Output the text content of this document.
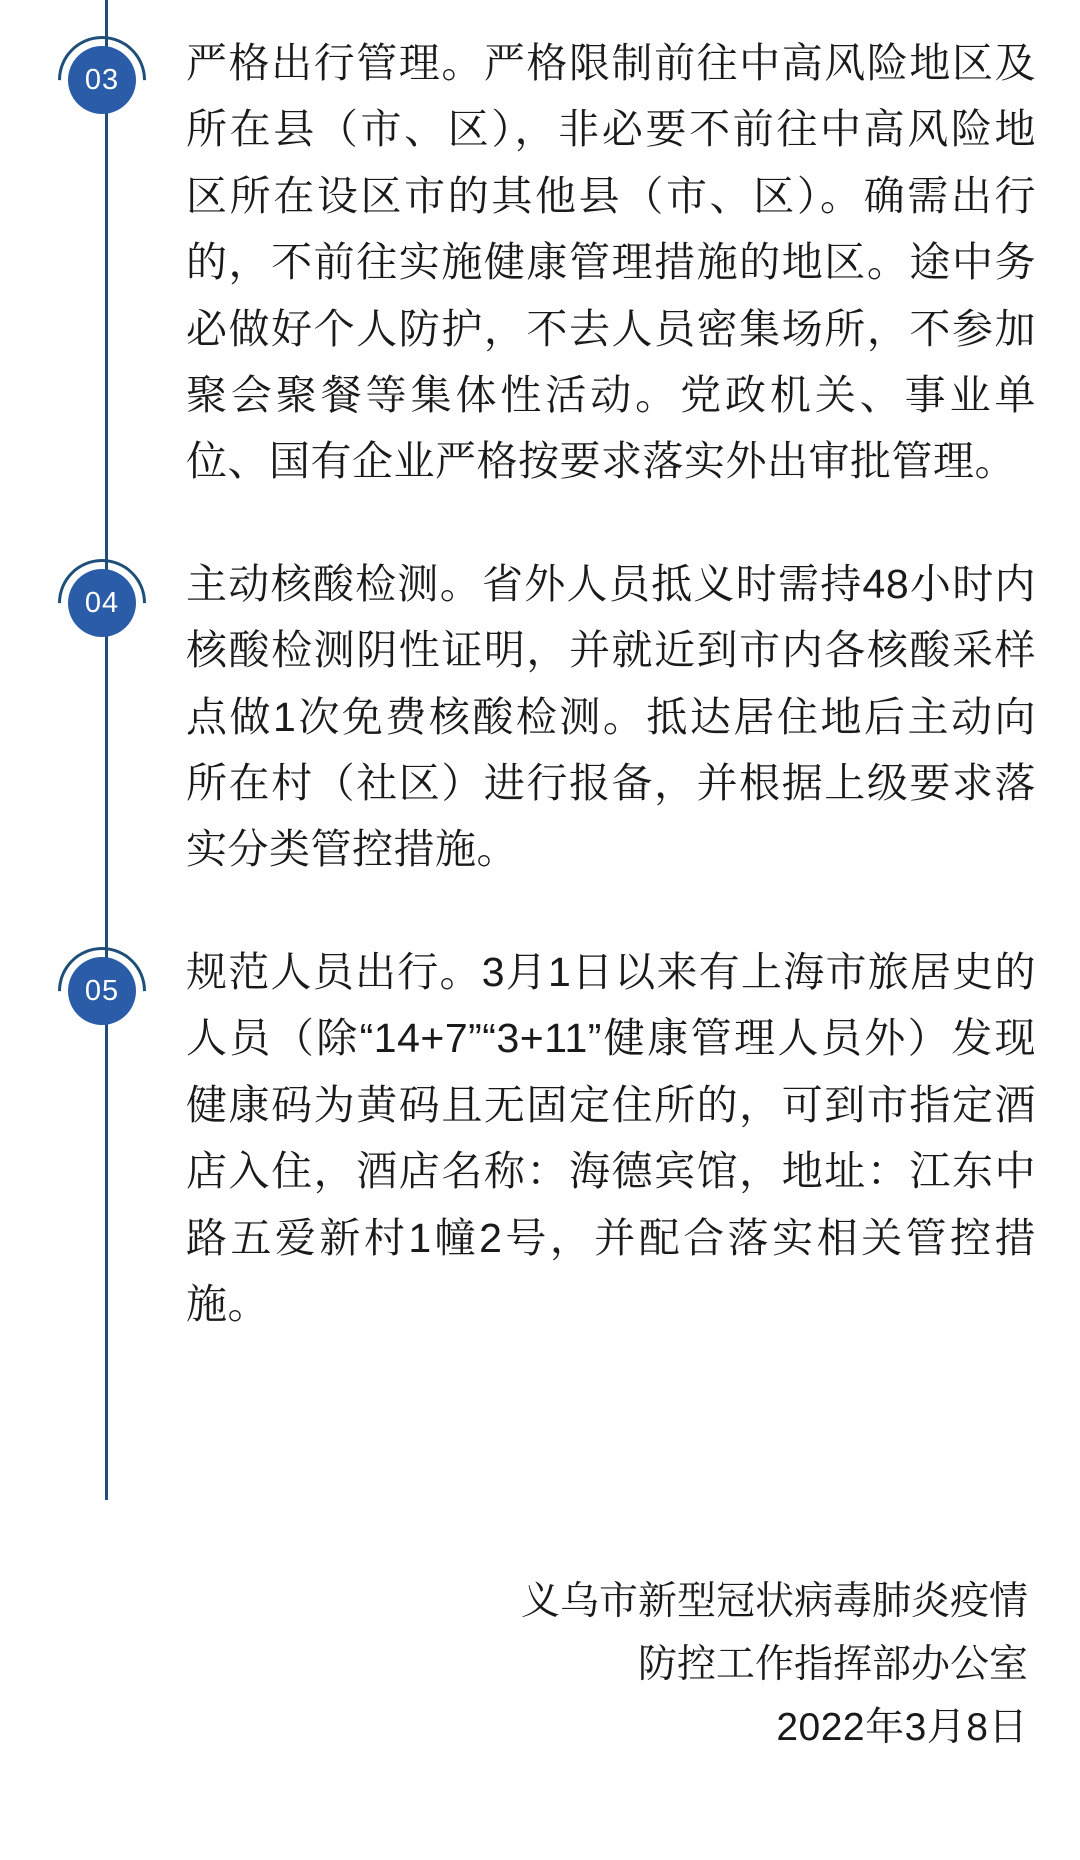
03	严格出行管理。严格限制前往中高风险地区及所在县（市、区），非必要不前往中高风险地区所在设区市的其他县（市、区）。确需出行的，不前往实施健康管理措施的地区。途中务必做好个人防护，不去人员密集场所，不参加聚会聚餐等集体性活动。党政机关、事业单位、国有企业严格按要求落实外出审批管理。
04	主动核酸检测。省外人员抵义时需持48小时内核酸检测阴性证明，并就近到市内各核酸采样点做1次免费核酸检测。抵达居住地后主动向所在村（社区）进行报备，并根据上级要求落实分类管控措施。
05	规范人员出行。3月1日以来有上海市旅居史的人员（除“14+7”“3+11”健康管理人员外）发现健康码为黄码且无固定住所的，可到市指定酒店入住，酒店名称：海德宾馆，地址：江东中路五爱新村1幢2号，并配合落实相关管控措施。
义乌市新型冠状病毒肺炎疫情
防控工作指挥部办公室
2022年3月8日
